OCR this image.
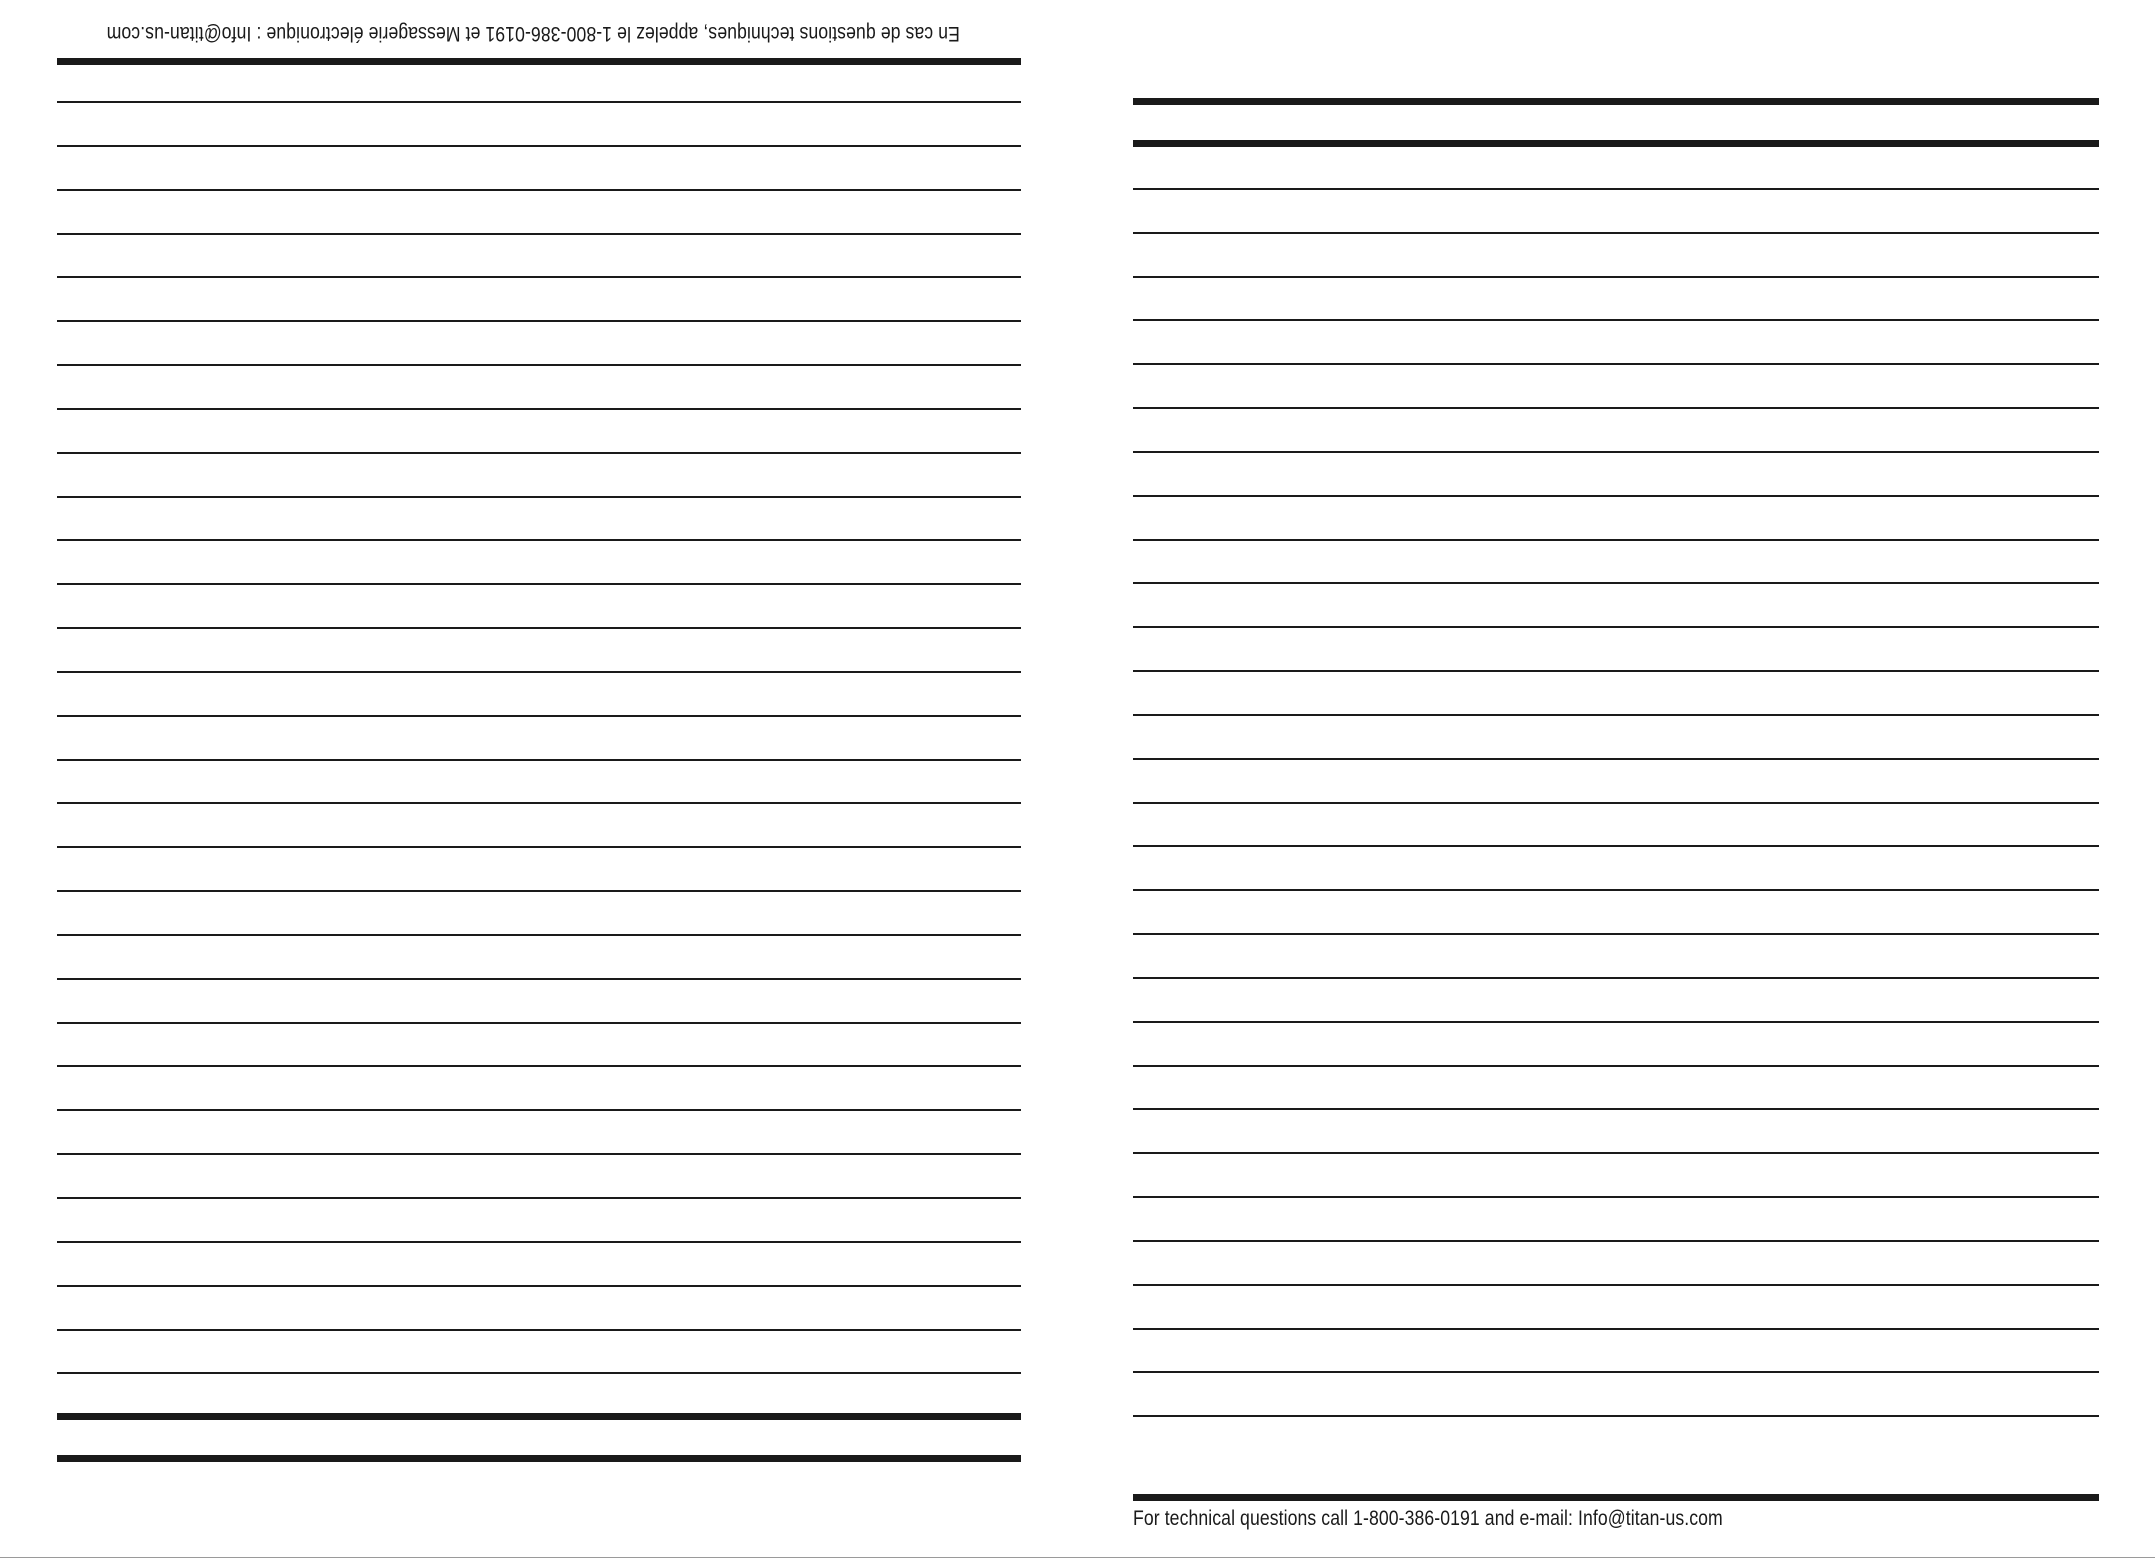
En cas de questions techniques, appelez le 1-800-386-0191 et Messagerie électronique : Info@titan-us.com
For technical questions call 1-800-386-0191 and e-mail: Info@titan-us.com
